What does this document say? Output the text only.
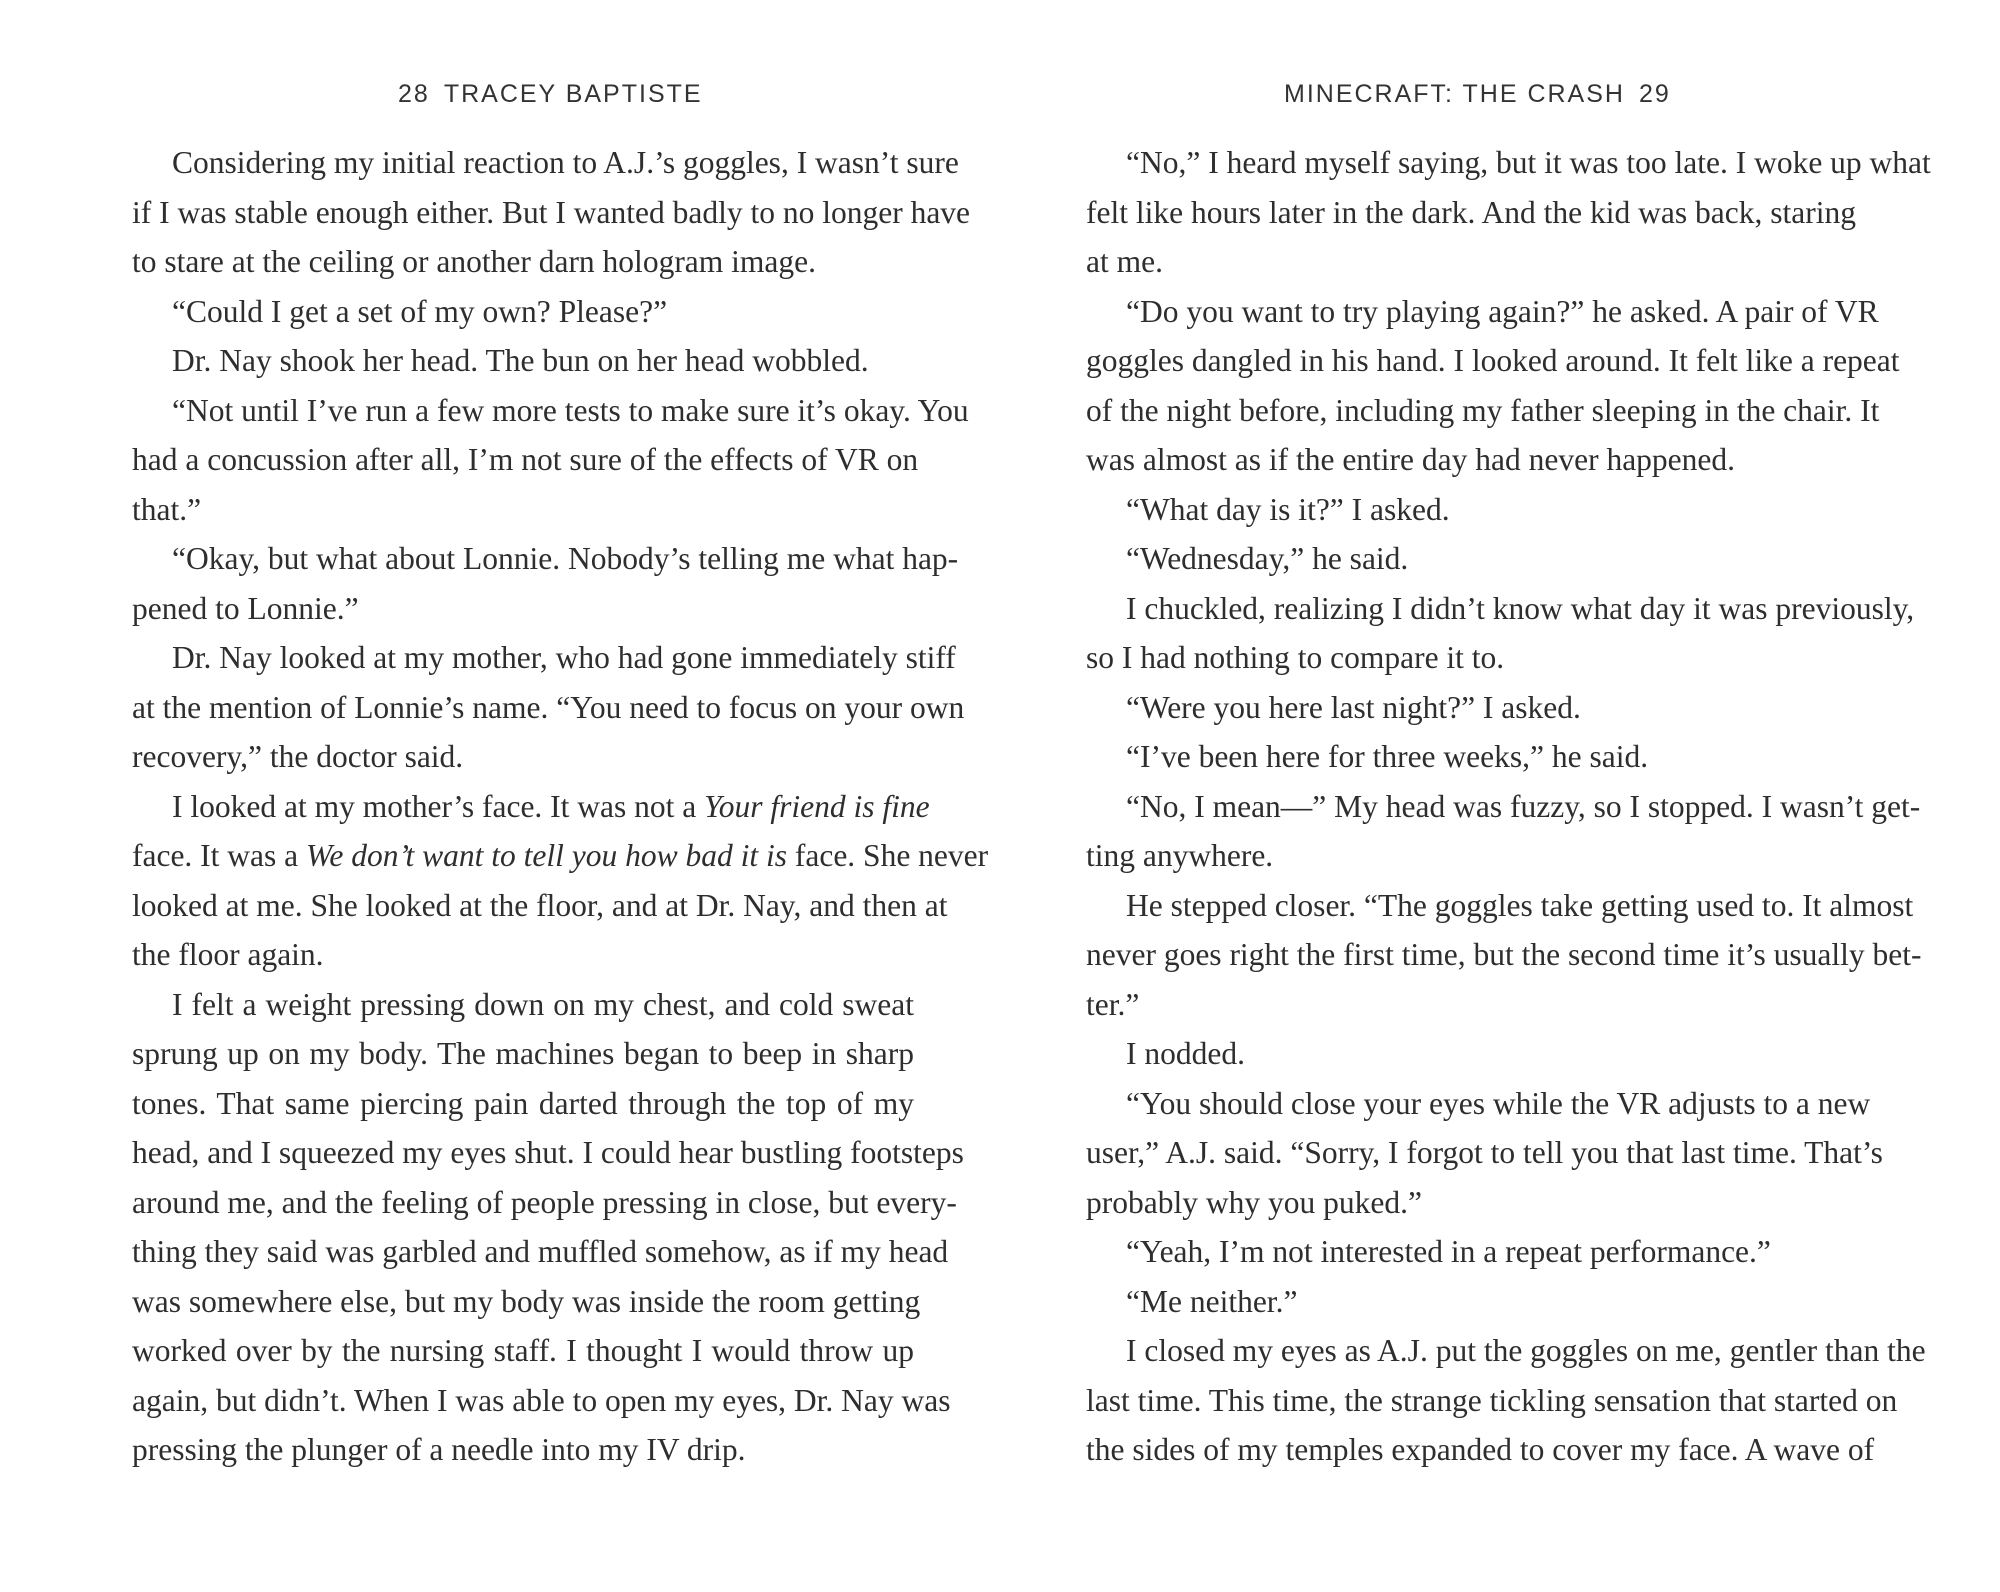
28 TRACEY BAPTISTE
Considering my initial reaction to A.J.’s goggles, I wasn’t sure
if I was stable enough either. But I wanted badly to no longer have
to stare at the ceiling or another darn hologram image.
“Could I get a set of my own? Please?”
Dr. Nay shook her head. The bun on her head wobbled.
“Not until I’ve run a few more tests to make sure it’s okay. You
had a concussion after all, I’m not sure of the effects of VR on
that.”
“Okay, but what about Lonnie. Nobody’s telling me what hap-
pened to Lonnie.”
Dr. Nay looked at my mother, who had gone immediately stiff
at the mention of Lonnie’s name. “You need to focus on your own
recovery,” the doctor said.
I looked at my mother’s face. It was not a Your friend is fine
face. It was a We don’t want to tell you how bad it is face. She never
looked at me. She looked at the floor, and at Dr. Nay, and then at
the floor again.
I felt a weight pressing down on my chest, and cold sweat
sprung up on my body. The machines began to beep in sharp
tones. That same piercing pain darted through the top of my
head, and I squeezed my eyes shut. I could hear bustling footsteps
around me, and the feeling of people pressing in close, but every-
thing they said was garbled and muffled somehow, as if my head
was somewhere else, but my body was inside the room getting
worked over by the nursing staff. I thought I would throw up
again, but didn’t. When I was able to open my eyes, Dr. Nay was
pressing the plunger of a needle into my IV drip.
MINECRAFT: THE CRASH 29
“No,” I heard myself saying, but it was too late. I woke up what
felt like hours later in the dark. And the kid was back, staring
at me.
“Do you want to try playing again?” he asked. A pair of VR
goggles dangled in his hand. I looked around. It felt like a repeat
of the night before, including my father sleeping in the chair. It
was almost as if the entire day had never happened.
“What day is it?” I asked.
“Wednesday,” he said.
I chuckled, realizing I didn’t know what day it was previously,
so I had nothing to compare it to.
“Were you here last night?” I asked.
“I’ve been here for three weeks,” he said.
“No, I mean—” My head was fuzzy, so I stopped. I wasn’t get-
ting anywhere.
He stepped closer. “The goggles take getting used to. It almost
never goes right the first time, but the second time it’s usually bet-
ter.”
I nodded.
“You should close your eyes while the VR adjusts to a new
user,” A.J. said. “Sorry, I forgot to tell you that last time. That’s
probably why you puked.”
“Yeah, I’m not interested in a repeat performance.”
“Me neither.”
I closed my eyes as A.J. put the goggles on me, gentler than the
last time. This time, the strange tickling sensation that started on
the sides of my temples expanded to cover my face. A wave of
